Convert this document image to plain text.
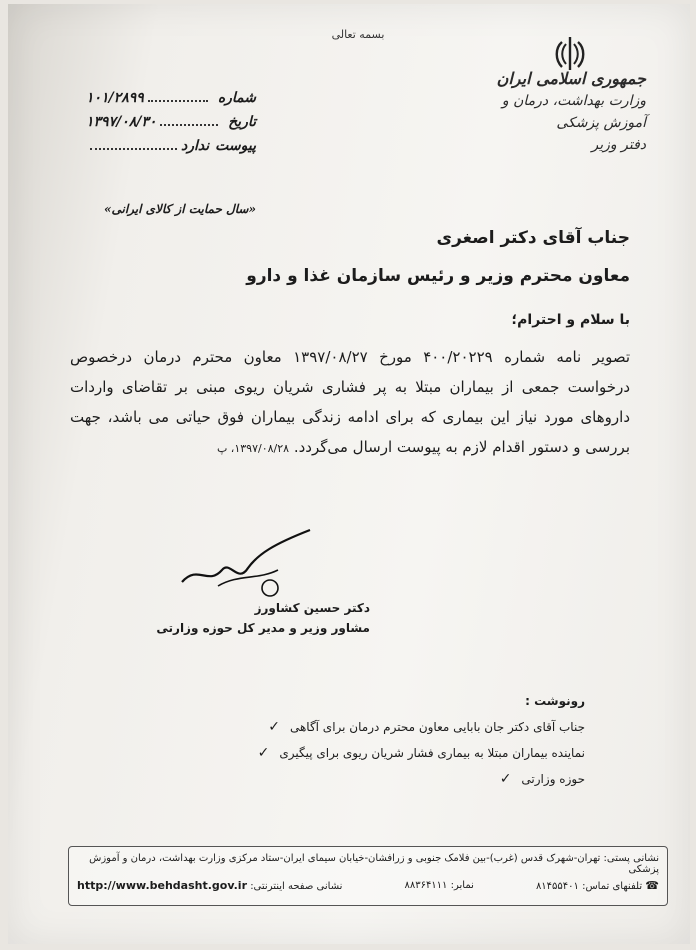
بسمه تعالی
جمهوری اسلامی ایران
وزارت بهداشت، درمان و آموزش پزشکی
دفتر وزیر
شماره
۱۰۱/۲۸۹۹
تاریخ
۱۳۹۷/۰۸/۳۰
پیوست
ندارد
«سال حمایت از کالای ایرانی»
جناب آقای دکتر اصغری
معاون محترم وزیر و رئیس سازمان غذا و دارو
با سلام و احترام؛
تصویر نامه شماره ۴۰۰/۲۰۲۲۹ مورخ ۱۳۹۷/۰۸/۲۷ معاون محترم درمان درخصوص درخواست جمعی از بیماران مبتلا به پر فشاری شریان ریوی مبنی بر تقاضای واردات داروهای مورد نیاز این بیماری که برای ادامه زندگی بیماران فوق حیاتی می باشد، جهت بررسی و دستور اقدام لازم به پیوست ارسال می‌گردد. ۱۳۹۷/۰۸/۲۸، پ
دکتر حسین کشاورز
مشاور وزیر و مدیر کل حوزه وزارتی
رونوشت :
جناب آقای دکتر جان بابایی معاون محترم درمان برای آگاهی
✓
نماینده بیماران مبتلا به بیماری فشار شریان ریوی برای پیگیری
✓
حوزه وزارتی
✓
نشانی پستی: تهران-شهرک قدس (غرب)-بین فلامک جنوبی و زرافشان-خیابان سیمای ایران-ستاد مرکزی وزارت بهداشت، درمان و آموزش پزشکی
☎ تلفنهای تماس: ۸۱۴۵۵۴۰۱
نمابر: ۸۸۳۶۴۱۱۱
نشانی صفحه اینترنتی: http://www.behdasht.gov.ir
